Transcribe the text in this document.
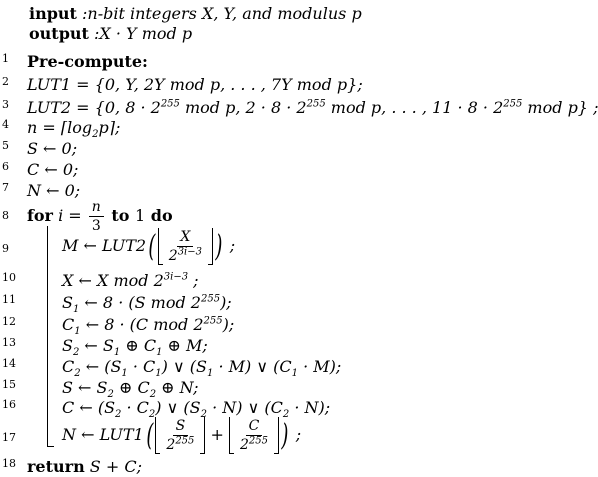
input :n-bit integers X, Y, and modulus p
output :X · Y mod p
1	Pre-compute:
2	LUT1 = {0, Y, 2Y mod p, . . . , 7Y mod p};
3	LUT2 = {0, $8 \cdot 2^{255}$ mod p, $2 \cdot 8 \cdot 2^{255}$ mod p, . . . , $11 \cdot 8 \cdot 2^{255}$ mod p} ;
4	$n = ⌈\log_2p⌉$;
5	S ← 0;
6	C ← 0;
7	N ← 0;
8	for $i = \frac{n}{3}$ to 1 do
9	M ← $LUT2( \frac{X}{2^{3i-3}}$ ) ;
10	X ← X mod $2^{3i-3}$ ;
11	$S_1$ ← 8 · (S mod $2^{255}$);
12	$C_1$ ← 8 · (C mod $2^{255}$);
13	$S_2$ ← $S_1$ ⊕ $C_1$ ⊕ M;
14	$C_2$ ← $(S_1 \cdot C_1)$ ∨ $(S_1 \cdot M)$ ∨ $(C_1 \cdot M)$;
15	S ← $S_2$ ⊕ $C_2$ ⊕ N;
16	C ← $(S_2 \cdot C_2)$ ∨ $(S_2 \cdot N)$ ∨ $(C_2 \cdot N)$;
17	N ← $LUT1( \frac{S}{2^{255}} + \frac{C}{2^{255}}$ ) ;
18 return S + C;
